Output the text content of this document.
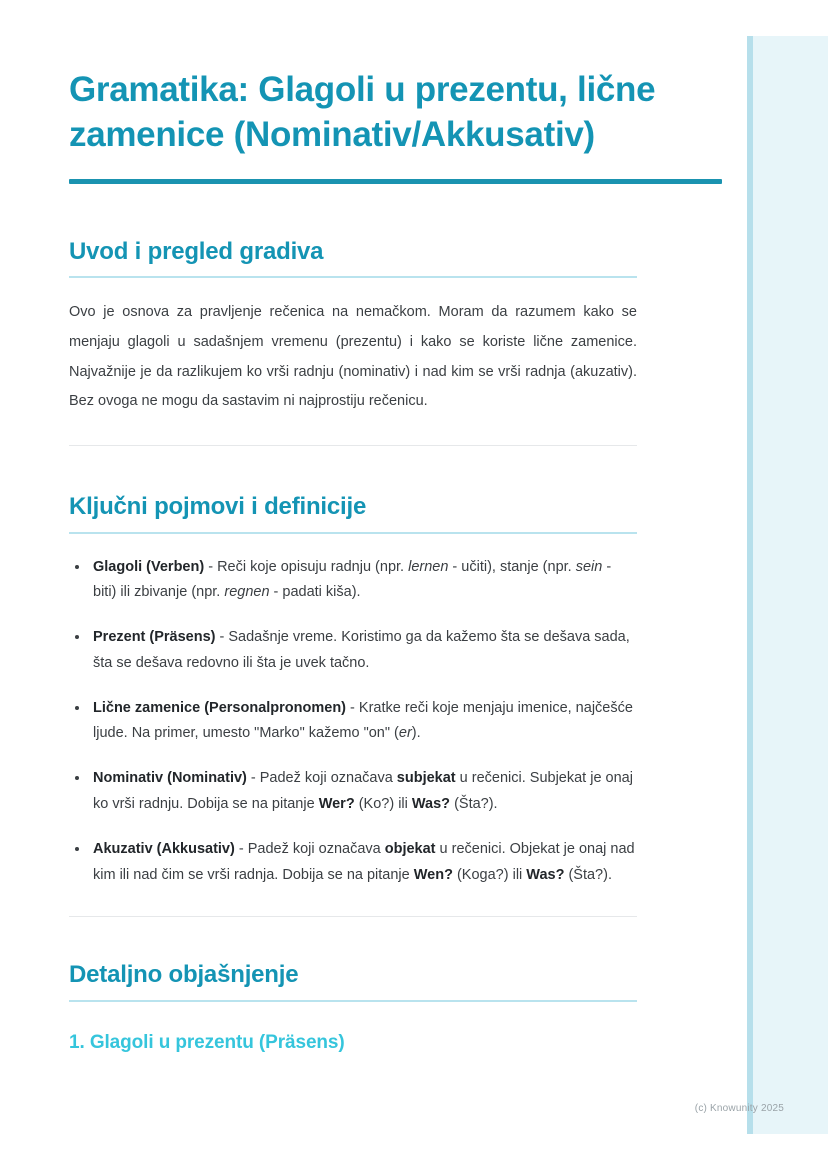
Gramatika: Glagoli u prezentu, lične zamenice (Nominativ/Akkusativ)
Uvod i pregled gradiva

Ovo je osnova za pravljenje rečenica na nemačkom. Moram da razumem kako se menjaju glagoli u sadašnjem vremenu (prezentu) i kako se koriste lične zamenice. Najvažnije je da razlikujem ko vrši radnju (nominativ) i nad kim se vrši radnja (akuzativ). Bez ovoga ne mogu da sastavim ni najprostiju rečenicu.

Ključni pojmovi i definicije
Glagoli (Verben) - Reči koje opisuju radnju (npr. lernen - učiti), stanje (npr. sein - biti) ili zbivanje (npr. regnen - padati kiša).
Prezent (Präsens) - Sadašnje vreme. Koristimo ga da kažemo šta se dešava sada, šta se dešava redovno ili šta je uvek tačno.
Lične zamenice (Personalpronomen) - Kratke reči koje menjaju imenice, najčešće ljude. Na primer, umesto "Marko" kažemo "on" (er).
Nominativ (Nominativ) - Padež koji označava subjekat u rečenici. Subjekat je onaj ko vrši radnju. Dobija se na pitanje Wer? (Ko?) ili Was? (Šta?).
Akuzativ (Akkusativ) - Padež koji označava objekat u rečenici. Objekat je onaj nad kim ili nad čim se vrši radnja. Dobija se na pitanje Wen? (Koga?) ili Was? (Šta?).
Detaljno objašnjenje
1. Glagoli u prezentu (Präsens)
(c) Knowunity 2025
